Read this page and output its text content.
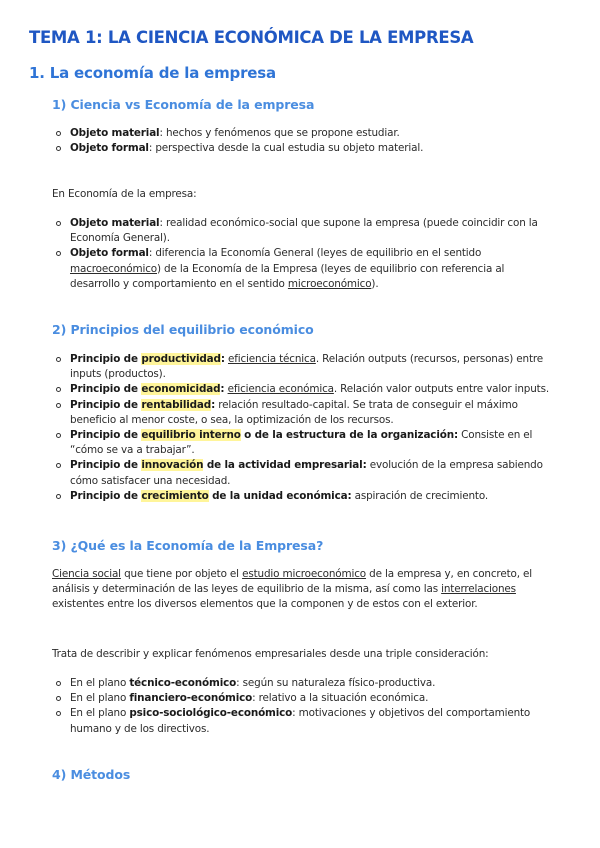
TEMA 1: LA CIENCIA ECONÓMICA DE LA EMPRESA
1. La economía de la empresa
1) Ciencia vs Economía de la empresa
Objeto material: hechos y fenómenos que se propone estudiar.
Objeto formal: perspectiva desde la cual estudia su objeto material.
En Economía de la empresa:
Objeto material: realidad económico-social que supone la empresa (puede coincidir con la Economía General).
Objeto formal: diferencia la Economía General (leyes de equilibrio en el sentido macroeconómico) de la Economía de la Empresa (leyes de equilibrio con referencia al desarrollo y comportamiento en el sentido microeconómico).
2) Principios del equilibrio económico
Principio de productividad: eficiencia técnica. Relación outputs (recursos, personas) entre inputs (productos).
Principio de economicidad: eficiencia económica. Relación valor outputs entre valor inputs.
Principio de rentabilidad: relación resultado-capital. Se trata de conseguir el máximo beneficio al menor coste, o sea, la optimización de los recursos.
Principio de equilibrio interno o de la estructura de la organización: Consiste en el “cómo se va a trabajar”.
Principio de innovación de la actividad empresarial: evolución de la empresa sabiendo cómo satisfacer una necesidad.
Principio de crecimiento de la unidad económica: aspiración de crecimiento.
3) ¿Qué es la Economía de la Empresa?
Ciencia social que tiene por objeto el estudio microeconómico de la empresa y, en concreto, el análisis y determinación de las leyes de equilibrio de la misma, así como las interrelaciones existentes entre los diversos elementos que la componen y de estos con el exterior.
Trata de describir y explicar fenómenos empresariales desde una triple consideración:
En el plano técnico-económico: según su naturaleza físico-productiva.
En el plano financiero-económico: relativo a la situación económica.
En el plano psico-sociológico-económico: motivaciones y objetivos del comportamiento humano y de los directivos.
4) Métodos
